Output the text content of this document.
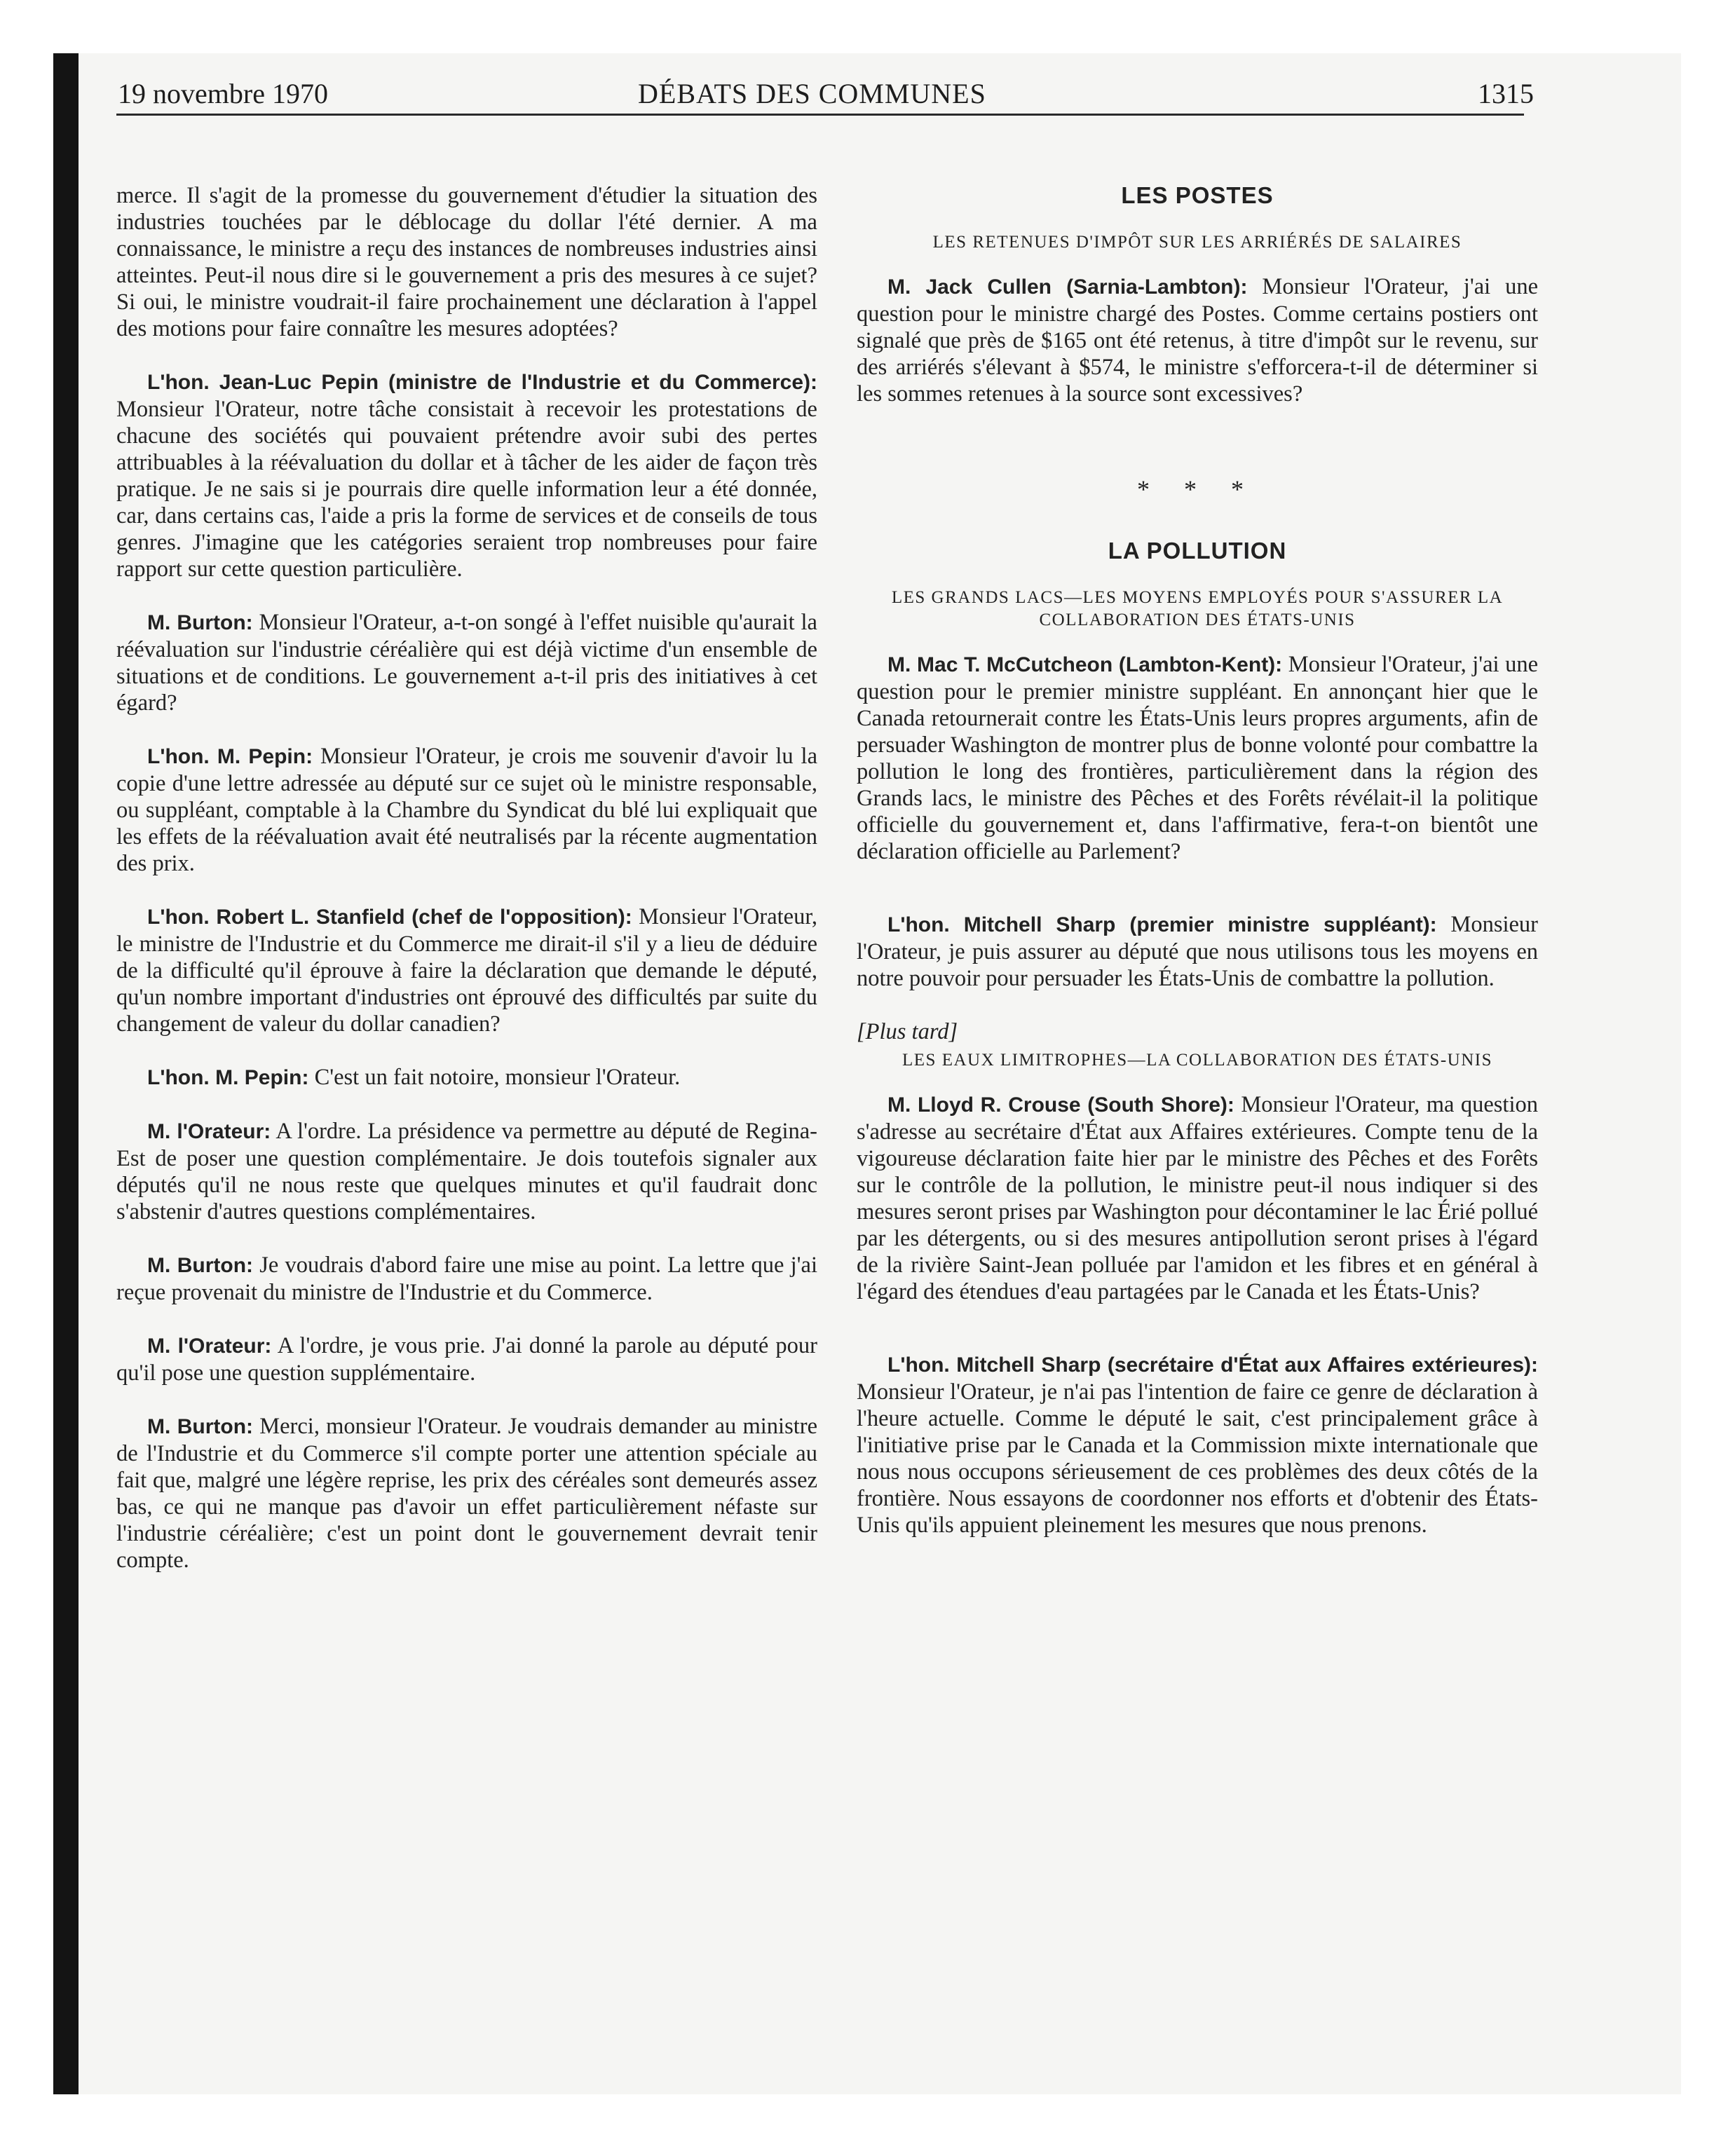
19 novembre 1970	DÉBATS DES COMMUNES	1315

merce. Il s'agit de la promesse du gouvernement d'étudier la situation des industries touchées par le déblocage du dollar l'été dernier. A ma connaissance, le ministre a reçu des instances de nombreuses industries ainsi atteintes. Peut-il nous dire si le gouvernement a pris des mesures à ce sujet? Si oui, le ministre voudrait-il faire prochainement une déclaration à l'appel des motions pour faire connaître les mesures adoptées?

L'hon. Jean-Luc Pepin (ministre de l'Industrie et du Commerce): Monsieur l'Orateur, notre tâche consistait à recevoir les protestations de chacune des sociétés qui pouvaient prétendre avoir subi des pertes attribuables à la réévaluation du dollar et à tâcher de les aider de façon très pratique. Je ne sais si je pourrais dire quelle information leur a été donnée, car, dans certains cas, l'aide a pris la forme de services et de conseils de tous genres. J'imagine que les catégories seraient trop nombreuses pour faire rapport sur cette question particulière.

M. Burton: Monsieur l'Orateur, a-t-on songé à l'effet nuisible qu'aurait la réévaluation sur l'industrie céréalière qui est déjà victime d'un ensemble de situations et de conditions. Le gouvernement a-t-il pris des initiatives à cet égard?

L'hon. M. Pepin: Monsieur l'Orateur, je crois me souvenir d'avoir lu la copie d'une lettre adressée au député sur ce sujet où le ministre responsable, ou suppléant, comptable à la Chambre du Syndicat du blé lui expliquait que les effets de la réévaluation avait été neutralisés par la récente augmentation des prix.

L'hon. Robert L. Stanfield (chef de l'opposition): Monsieur l'Orateur, le ministre de l'Industrie et du Commerce me dirait-il s'il y a lieu de déduire de la difficulté qu'il éprouve à faire la déclaration que demande le député, qu'un nombre important d'industries ont éprouvé des difficultés par suite du changement de valeur du dollar canadien?

L'hon. M. Pepin: C'est un fait notoire, monsieur l'Orateur.

M. l'Orateur: A l'ordre. La présidence va permettre au député de Regina-Est de poser une question complémentaire. Je dois toutefois signaler aux députés qu'il ne nous reste que quelques minutes et qu'il faudrait donc s'abstenir d'autres questions complémentaires.

M. Burton: Je voudrais d'abord faire une mise au point. La lettre que j'ai reçue provenait du ministre de l'Industrie et du Commerce.

M. l'Orateur: A l'ordre, je vous prie. J'ai donné la parole au député pour qu'il pose une question supplémentaire.

M. Burton: Merci, monsieur l'Orateur. Je voudrais demander au ministre de l'Industrie et du Commerce s'il compte porter une attention spéciale au fait que, malgré une légère reprise, les prix des céréales sont demeurés assez bas, ce qui ne manque pas d'avoir un effet particulièrement néfaste sur l'industrie céréalière; c'est un point dont le gouvernement devrait tenir compte.

LES POSTES
LES RETENUES D'IMPÔT SUR LES ARRIÉRÉS DE SALAIRES

M. Jack Cullen (Sarnia-Lambton): Monsieur l'Orateur, j'ai une question pour le ministre chargé des Postes. Comme certains postiers ont signalé que près de $165 ont été retenus, à titre d'impôt sur le revenu, sur des arriérés s'élevant à $574, le ministre s'efforcera-t-il de déterminer si les sommes retenues à la source sont excessives?

* * *
LA POLLUTION
LES GRANDS LACS—LES MOYENS EMPLOYÉS POUR S'ASSURER LA COLLABORATION DES ÉTATS-UNIS

M. Mac T. McCutcheon (Lambton-Kent): Monsieur l'Orateur, j'ai une question pour le premier ministre suppléant. En annonçant hier que le Canada retournerait contre les États-Unis leurs propres arguments, afin de persuader Washington de montrer plus de bonne volonté pour combattre la pollution le long des frontières, particulièrement dans la région des Grands lacs, le ministre des Pêches et des Forêts révélait-il la politique officielle du gouvernement et, dans l'affirmative, fera-t-on bientôt une déclaration officielle au Parlement?

L'hon. Mitchell Sharp (premier ministre suppléant): Monsieur l'Orateur, je puis assurer au député que nous utilisons tous les moyens en notre pouvoir pour persuader les États-Unis de combattre la pollution.

[Plus tard]
LES EAUX LIMITROPHES—LA COLLABORATION DES ÉTATS-UNIS

M. Lloyd R. Crouse (South Shore): Monsieur l'Orateur, ma question s'adresse au secrétaire d'État aux Affaires extérieures. Compte tenu de la vigoureuse déclaration faite hier par le ministre des Pêches et des Forêts sur le contrôle de la pollution, le ministre peut-il nous indiquer si des mesures seront prises par Washington pour décontaminer le lac Érié pollué par les détergents, ou si des mesures antipollution seront prises à l'égard de la rivière Saint-Jean polluée par l'amidon et les fibres et en général à l'égard des étendues d'eau partagées par le Canada et les États-Unis?

L'hon. Mitchell Sharp (secrétaire d'État aux Affaires extérieures): Monsieur l'Orateur, je n'ai pas l'intention de faire ce genre de déclaration à l'heure actuelle. Comme le député le sait, c'est principalement grâce à l'initiative prise par le Canada et la Commission mixte internationale que nous nous occupons sérieusement de ces problèmes des deux côtés de la frontière. Nous essayons de coordonner nos efforts et d'obtenir des États-Unis qu'ils appuient pleinement les mesures que nous prenons.
